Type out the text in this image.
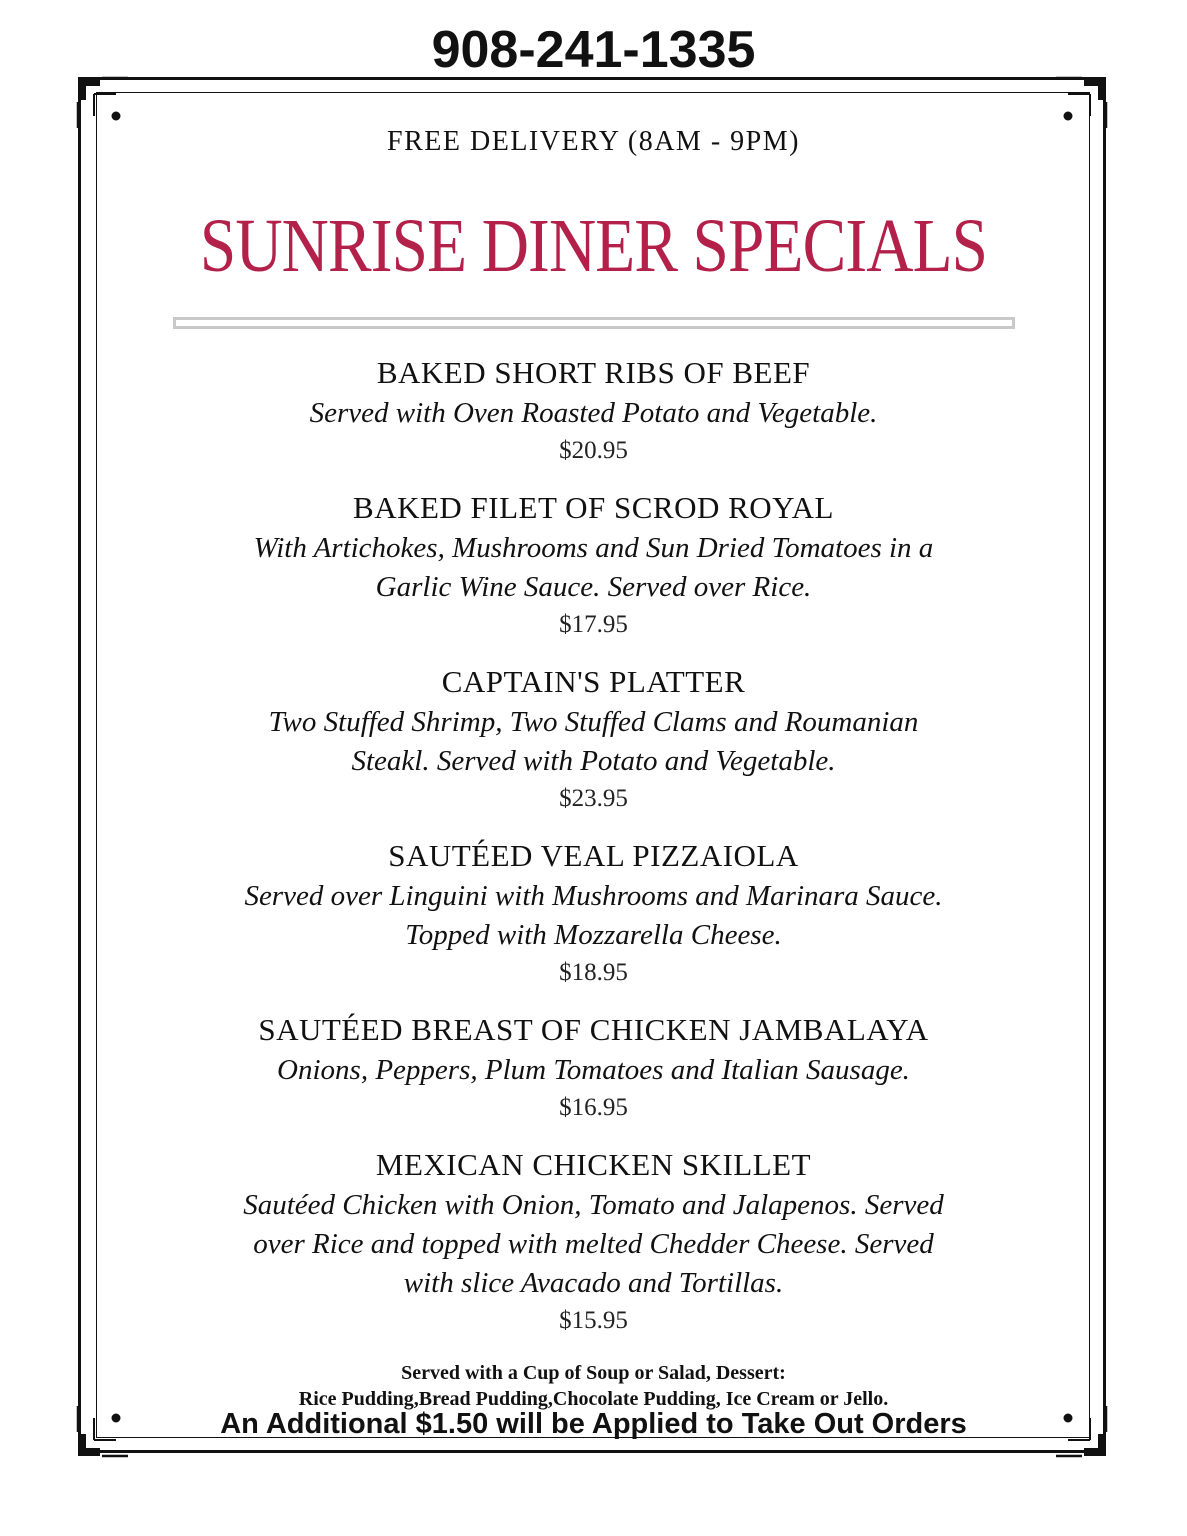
908-241-1335
FREE DELIVERY (8AM - 9PM)
SUNRISE DINER SPECIALS
BAKED SHORT RIBS OF BEEF
Served with Oven Roasted Potato and Vegetable.
$20.95
BAKED FILET OF SCROD ROYAL
With Artichokes, Mushrooms and Sun Dried Tomatoes in a
Garlic Wine Sauce. Served over Rice.
$17.95
CAPTAIN'S PLATTER
Two Stuffed Shrimp, Two Stuffed Clams and Roumanian
Steakl. Served with Potato and Vegetable.
$23.95
SAUTÉED VEAL PIZZAIOLA
Served over Linguini with Mushrooms and Marinara Sauce.
Topped with Mozzarella Cheese.
$18.95
SAUTÉED BREAST OF CHICKEN JAMBALAYA
Onions, Peppers, Plum Tomatoes and Italian Sausage.
$16.95
MEXICAN CHICKEN SKILLET
Sautéed Chicken with Onion, Tomato and Jalapenos. Served
over Rice and topped with melted Chedder Cheese. Served
with slice Avacado and Tortillas.
$15.95
Served with a Cup of Soup or Salad, Dessert:
Rice Pudding,Bread Pudding,Chocolate Pudding, Ice Cream or Jello.
An Additional $1.50 will be Applied to Take Out Orders
